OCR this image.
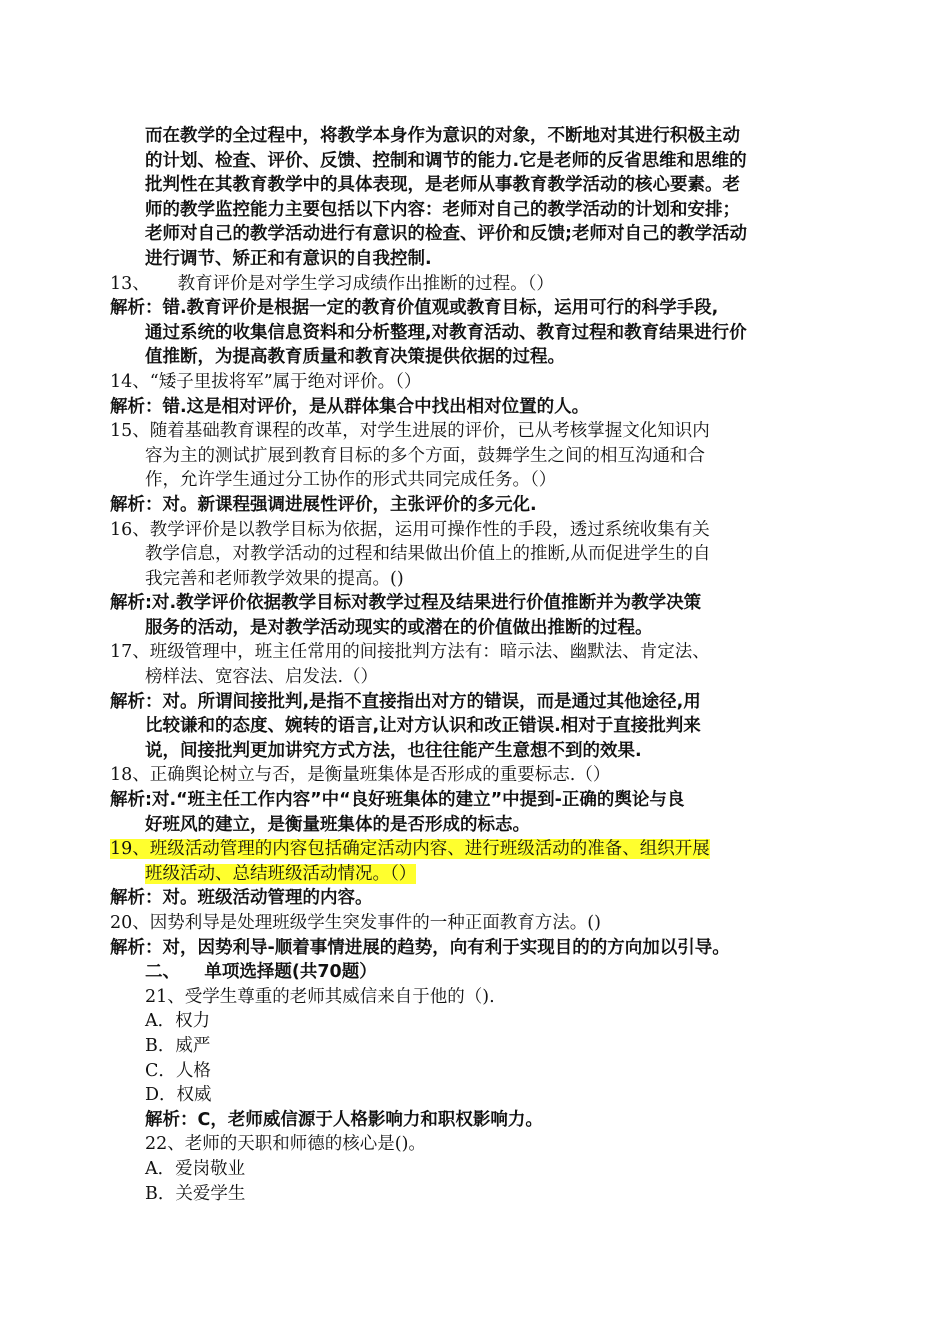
而在教学的全过程中，将教学本身作为意识的对象，不断地对其进行积极主动
的计划、检查、评价、反馈、控制和调节的能力.它是老师的反省思维和思维的
批判性在其教育教学中的具体表现，是老师从事教育教学活动的核心要素。老
师的教学监控能力主要包括以下内容：老师对自己的教学活动的计划和安排；
老师对自己的教学活动进行有意识的检查、评价和反馈;老师对自己的教学活动
进行调节、矫正和有意识的自我控制.
13、     教育评价是对学生学习成绩作出推断的过程。（）
解析：错.教育评价是根据一定的教育价值观或教育目标，运用可行的科学手段,
通过系统的收集信息资料和分析整理,对教育活动、教育过程和教育结果进行价
值推断，为提高教育质量和教育决策提供依据的过程。
14、“矮子里拔将军”属于绝对评价。（）
解析：错.这是相对评价，是从群体集合中找出相对位置的人。
15、随着基础教育课程的改革，对学生进展的评价，已从考核掌握文化知识内
容为主的测试扩展到教育目标的多个方面，鼓舞学生之间的相互沟通和合
作，允许学生通过分工协作的形式共同完成任务。（）
解析：对。新课程强调进展性评价，主张评价的多元化.
16、教学评价是以教学目标为依据，运用可操作性的手段，透过系统收集有关
教学信息，对教学活动的过程和结果做出价值上的推断,从而促进学生的自
我完善和老师教学效果的提高。()
解析:对.教学评价依据教学目标对教学过程及结果进行价值推断并为教学决策
服务的活动，是对教学活动现实的或潜在的价值做出推断的过程。
17、班级管理中，班主任常用的间接批判方法有：暗示法、幽默法、肯定法、
榜样法、宽容法、启发法.（）
解析：对。所谓间接批判,是指不直接指出对方的错误，而是通过其他途径,用
比较谦和的态度、婉转的语言,让对方认识和改正错误.相对于直接批判来
说，间接批判更加讲究方式方法，也往往能产生意想不到的效果.
18、正确舆论树立与否，是衡量班集体是否形成的重要标志.（）
解析:对.“班主任工作内容”中“良好班集体的建立”中提到-正确的舆论与良
好班风的建立，是衡量班集体的是否形成的标志。
19、班级活动管理的内容包括确定活动内容、进行班级活动的准备、组织开展
班级活动、总结班级活动情况。（）
解析：对。班级活动管理的内容。
20、因势利导是处理班级学生突发事件的一种正面教育方法。()
解析：对，因势利导-顺着事情进展的趋势，向有利于实现目的的方向加以引导。
二、    单项选择题(共70题）
21、受学生尊重的老师其威信来自于他的（).
A．权力
B．威严
C．人格
D．权威
解析：C，老师威信源于人格影响力和职权影响力。
22、老师的天职和师德的核心是()。
A．爱岗敬业
B．关爱学生
